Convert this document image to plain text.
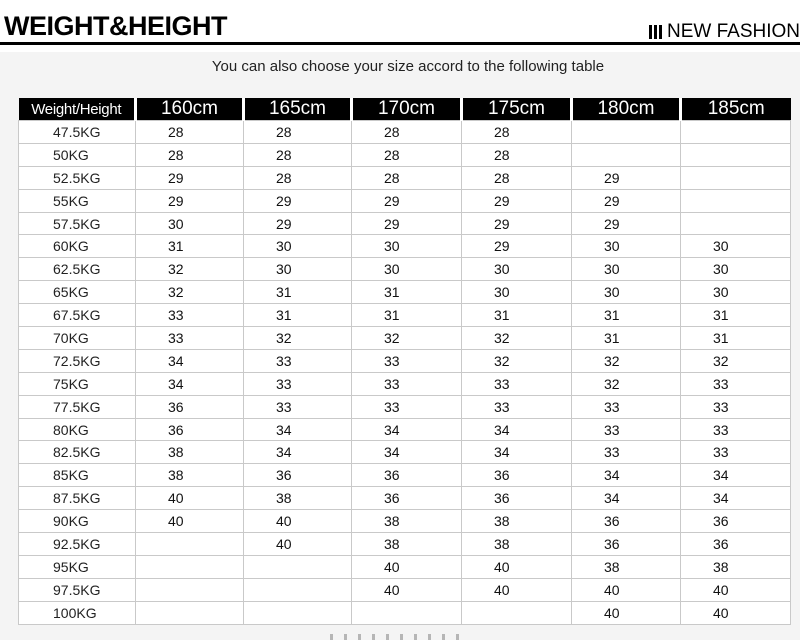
WEIGHT&HEIGHT	NEW FASHION
You can also choose your size accord to the following table
Weight/Height	160cm	165cm	170cm	175cm	180cm	185cm
47.5KG	28	28	28	28		
50KG	28	28	28	28		
52.5KG	29	28	28	28	29	
55KG	29	29	29	29	29	
57.5KG	30	29	29	29	29	
60KG	31	30	30	29	30	30
62.5KG	32	30	30	30	30	30
65KG	32	31	31	30	30	30
67.5KG	33	31	31	31	31	31
70KG	33	32	32	32	31	31
72.5KG	34	33	33	32	32	32
75KG	34	33	33	33	32	33
77.5KG	36	33	33	33	33	33
80KG	36	34	34	34	33	33
82.5KG	38	34	34	34	33	33
85KG	38	36	36	36	34	34
87.5KG	40	38	36	36	34	34
90KG	40	40	38	38	36	36
92.5KG		40	38	38	36	36
95KG			40	40	38	38
97.5KG			40	40	40	40
100KG					40	40
